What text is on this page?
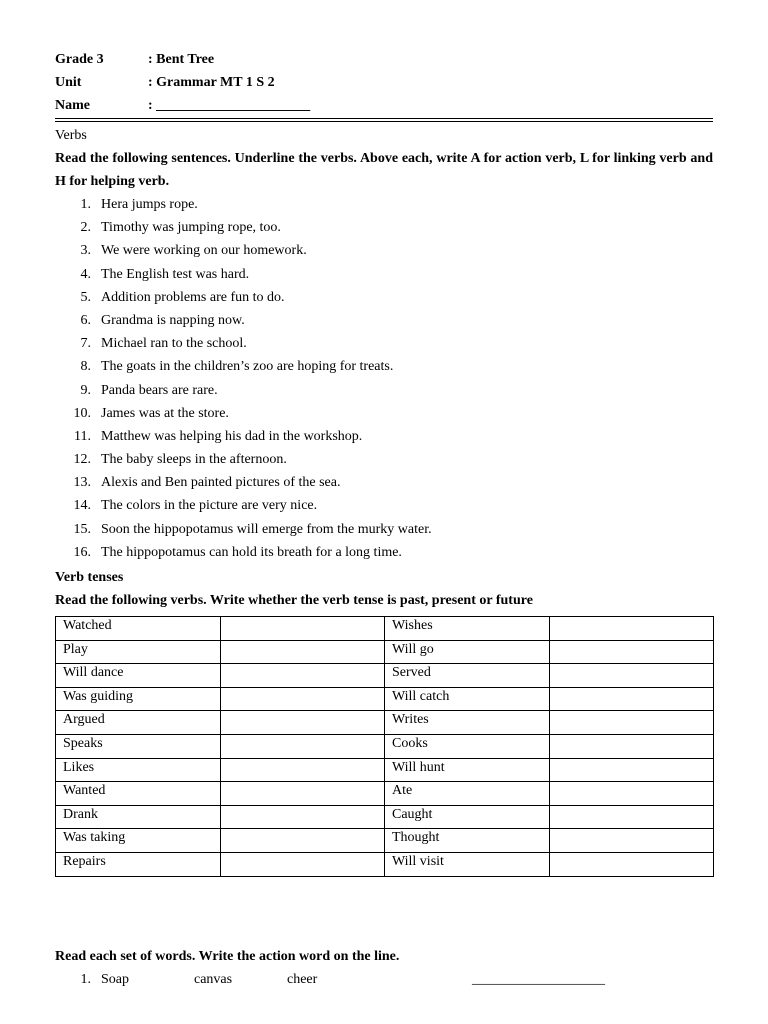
Grade 3	: Bent Tree
Unit	: Grammar MT 1 S 2
Name	: ______________________
Verbs
Read the following sentences. Underline the verbs. Above each, write A for action verb, L for linking verb and H for helping verb.
1. Hera jumps rope.
2. Timothy was jumping rope, too.
3. We were working on our homework.
4. The English test was hard.
5. Addition problems are fun to do.
6. Grandma is napping now.
7. Michael ran to the school.
8. The goats in the children’s zoo are hoping for treats.
9. Panda bears are rare.
10. James was at the store.
11. Matthew was helping his dad in the workshop.
12. The baby sleeps in the afternoon.
13. Alexis and Ben painted pictures of the sea.
14. The colors in the picture are very nice.
15. Soon the hippopotamus will emerge from the murky water.
16. The hippopotamus can hold its breath for a long time.
Verb tenses
Read the following verbs. Write whether the verb tense is past, present or future
Watched		Wishes	
Play		Will go	
Will dance		Served	
Was guiding		Will catch	
Argued		Writes	
Speaks		Cooks	
Likes		Will hunt	
Wanted		Ate	
Drank		Caught	
Was taking		Thought	
Repairs		Will visit	
Read each set of words. Write the action word on the line.
1. Soap	canvas	cheer	___________________
